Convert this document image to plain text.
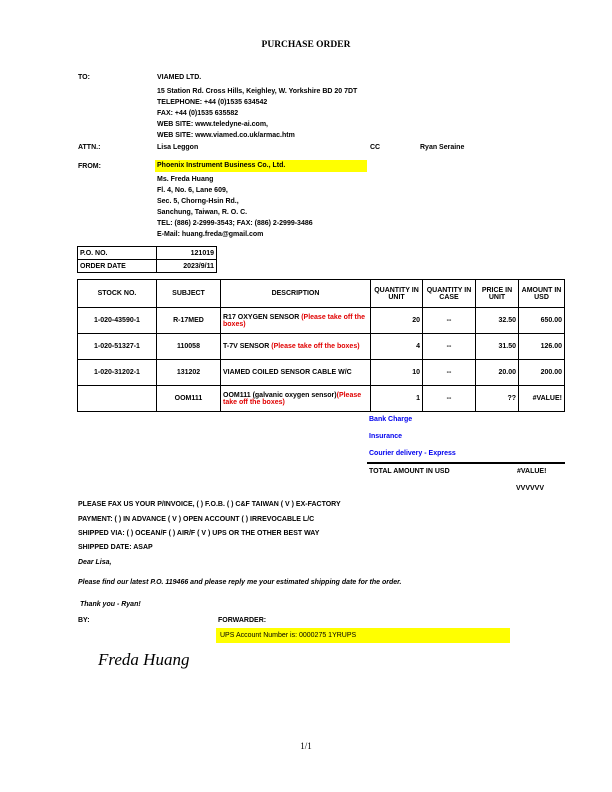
PURCHASE ORDER
TO:	VIAMED LTD.
15 Station Rd. Cross Hills, Keighley, W. Yorkshire BD 20 7DT
TELEPHONE: +44 (0)1535 634542
FAX: +44 (0)1535 635582
WEB SITE: www.teledyne-ai.com,
WEB SITE: www.viamed.co.uk/armac.htm
ATTN.:	Lisa Leggon	CC	Ryan Seraine
FROM:	Phoenix Instrument Business Co., Ltd.
Ms. Freda Huang
Fl. 4, No. 6, Lane 609,
Sec. 5, Chorng-Hsin Rd.,
Sanchung, Taiwan, R. O. C.
TEL: (886) 2-2999-3543; FAX: (886) 2-2999-3486
E-Mail: huang.freda@gmail.com
P.O. NO.	121019
ORDER DATE	2023/9/11
STOCK NO.	SUBJECT	DESCRIPTION	QUANTITY IN UNIT	QUANTITY IN CASE	PRICE IN UNIT	AMOUNT IN USD
1-020-43590-1	R-17MED	R17 OXYGEN SENSOR (Please take off the boxes)	20	--	32.50	650.00
1-020-51327-1	110058	T-7V SENSOR (Please take off the boxes)	4	--	31.50	126.00
1-020-31202-1	131202	VIAMED COILED SENSOR CABLE W/C	10	--	20.00	200.00
	OOM111	OOM111 (galvanic oxygen sensor)(Please take off the boxes)	1	--	??	#VALUE!
Bank Charge
Insurance
Courier delivery - Express
TOTAL AMOUNT IN USD	#VALUE!
VVVVVV
PLEASE FAX US YOUR P/INVOICE, ( ) F.O.B. ( ) C&F TAIWAN ( V ) EX-FACTORY
PAYMENT: ( ) IN ADVANCE ( V ) OPEN ACCOUNT ( ) IRREVOCABLE L/C
SHIPPED VIA: ( ) OCEAN/F ( ) AIR/F ( V ) UPS OR THE OTHER BEST WAY
SHIPPED DATE: ASAP
Dear Lisa,
Please find our latest P.O. 119466 and please reply me your estimated shipping date for the order.
Thank you - Ryan!
BY:	FORWARDER:
UPS Account Number is: 0000275 1YRUPS
Freda Huang
1/1
